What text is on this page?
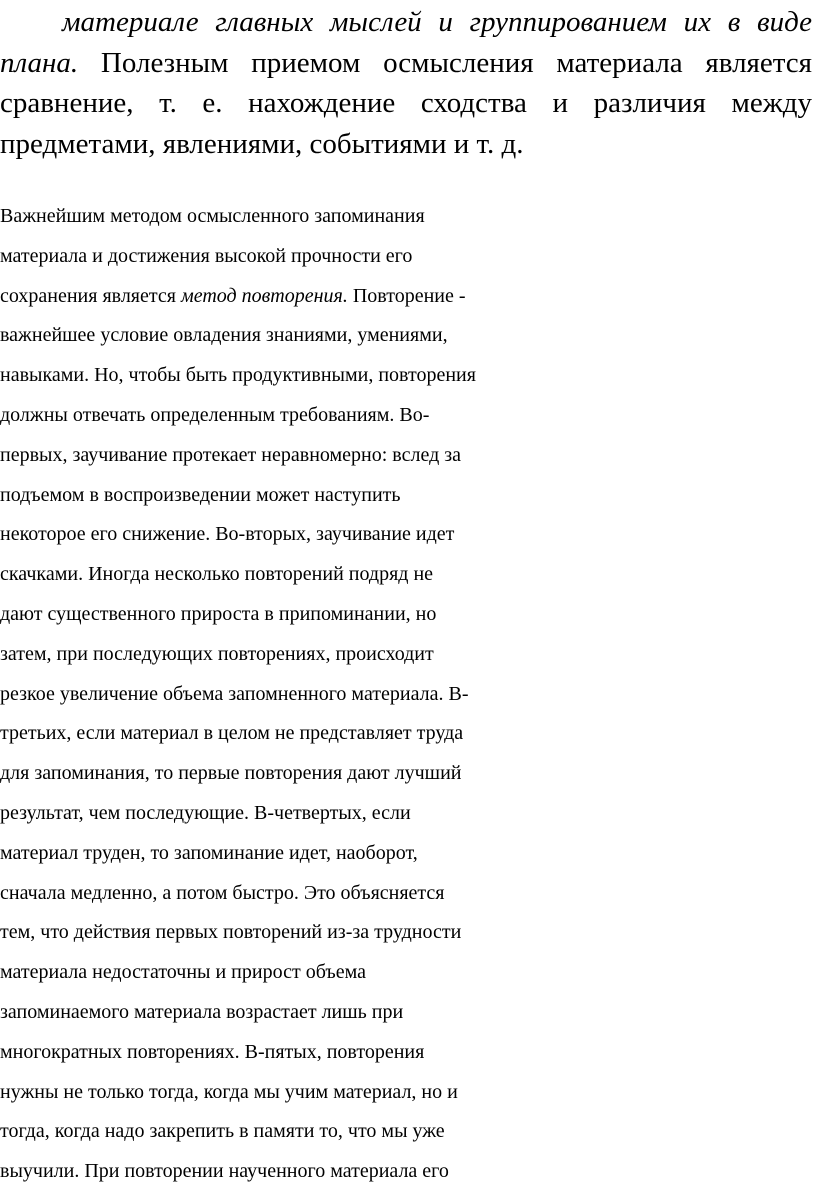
материале главных мыслей и группированием их в виде плана. Полезным приемом осмысления материала является сравнение, т. е. нахождение сходства и различия между предметами, явлениями, событиями и т. д.

Важнейшим методом осмысленного запоминания
материала и достижения высокой прочности его
сохранения является метод повторения. Повторение -
важнейшее условие овладения знаниями, умениями,
навыками. Но, чтобы быть продуктивными, повторения
должны отвечать определенным требованиям. Во-
первых, заучивание протекает неравномерно: вслед за
подъемом в воспроизведении может наступить
некоторое его снижение. Во-вторых, заучивание идет
скачками. Иногда несколько повторений подряд не
дают существенного прироста в припоминании, но
затем, при последующих повторениях, происходит
резкое увеличение объема запомненного материала. В-
третьих, если материал в целом не представляет труда
для запоминания, то первые повторения дают лучший
результат, чем последующие. В-четвертых, если
материал труден, то запоминание идет, наоборот,
сначала медленно, а потом быстро. Это объясняется
тем, что действия первых повторений из-за трудности
материала недостаточны и прирост объема
запоминаемого материала возрастает лишь при
многократных повторениях. В-пятых, повторения
нужны не только тогда, когда мы учим материал, но и
тогда, когда надо закрепить в памяти то, что мы уже
выучили. При повторении наученного материала его
